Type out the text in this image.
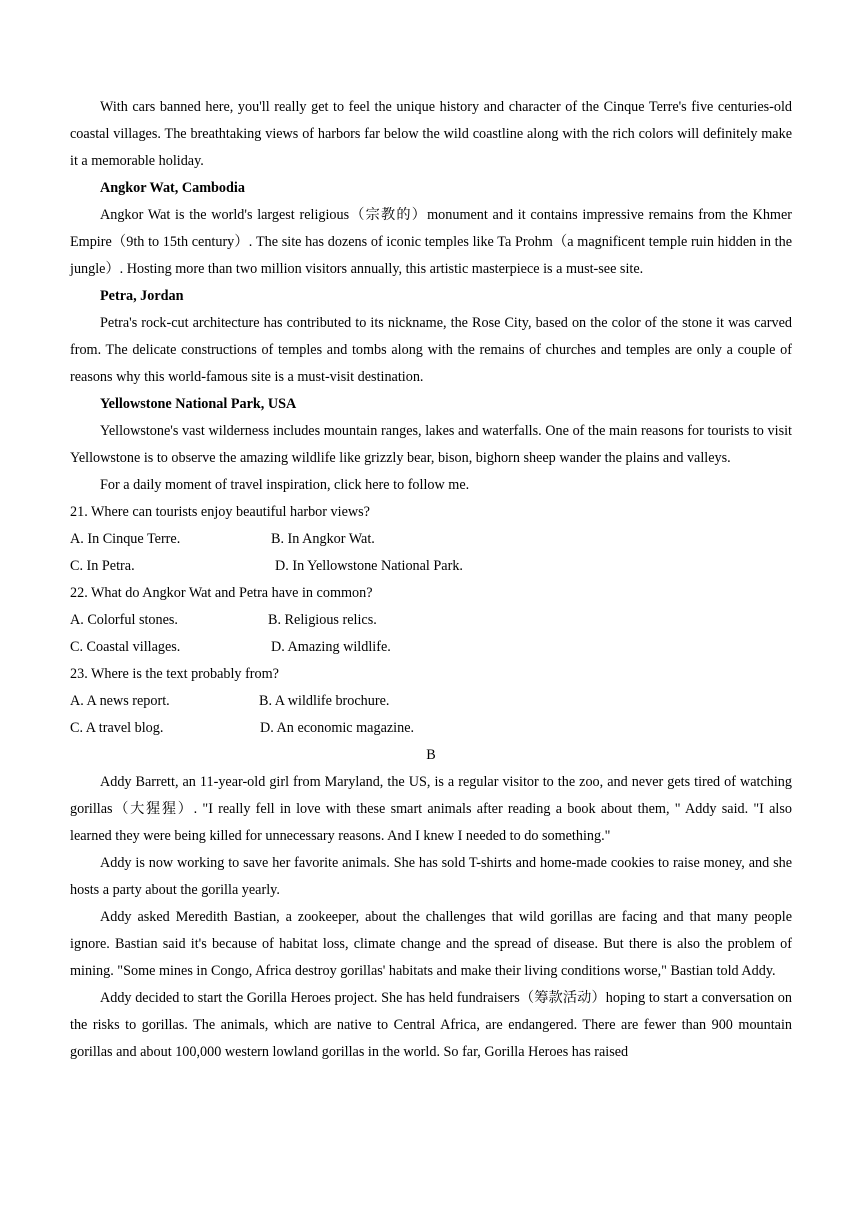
With cars banned here, you'll really get to feel the unique history and character of the Cinque Terre's five centuries-old coastal villages. The breathtaking views of harbors far below the wild coastline along with the rich colors will definitely make it a memorable holiday.

Angkor Wat, Cambodia

Angkor Wat is the world's largest religious（宗教的）monument and it contains impressive remains from the Khmer Empire（9th to 15th century）. The site has dozens of iconic temples like Ta Prohm（a magnificent temple ruin hidden in the jungle）. Hosting more than two million visitors annually, this artistic masterpiece is a must-see site.

Petra, Jordan

Petra's rock-cut architecture has contributed to its nickname, the Rose City, based on the color of the stone it was carved from. The delicate constructions of temples and tombs along with the remains of churches and temples are only a couple of reasons why this world-famous site is a must-visit destination.

Yellowstone National Park, USA

Yellowstone's vast wilderness includes mountain ranges, lakes and waterfalls. One of the main reasons for tourists to visit Yellowstone is to observe the amazing wildlife like grizzly bear, bison, bighorn sheep wander the plains and valleys.

For a daily moment of travel inspiration, click here to follow me.

21. Where can tourists enjoy beautiful harbor views?

A. In Cinque Terre.	B. In Angkor Wat.
C. In Petra.	D. In Yellowstone National Park.

22. What do Angkor Wat and Petra have in common?

A. Colorful stones.	B. Religious relics.
C. Coastal villages.	D. Amazing wildlife.

23. Where is the text probably from?

A. A news report.	B. A wildlife brochure.
C. A travel blog.	D. An economic magazine.

B

Addy Barrett, an 11-year-old girl from Maryland, the US, is a regular visitor to the zoo, and never gets tired of watching gorillas（大猩猩）. "I really fell in love with these smart animals after reading a book about them, " Addy said. "I also learned they were being killed for unnecessary reasons. And I knew I needed to do something."

Addy is now working to save her favorite animals. She has sold T-shirts and home-made cookies to raise money, and she hosts a party about the gorilla yearly.

Addy asked Meredith Bastian, a zookeeper, about the challenges that wild gorillas are facing and that many people ignore. Bastian said it's because of habitat loss, climate change and the spread of disease. But there is also the problem of mining. "Some mines in Congo, Africa destroy gorillas' habitats and make their living conditions worse," Bastian told Addy.

Addy decided to start the Gorilla Heroes project. She has held fundraisers（筹款活动）hoping to start a conversation on the risks to gorillas. The animals, which are native to Central Africa, are endangered. There are fewer than 900 mountain gorillas and about 100,000 western lowland gorillas in the world. So far, Gorilla Heroes has raised
